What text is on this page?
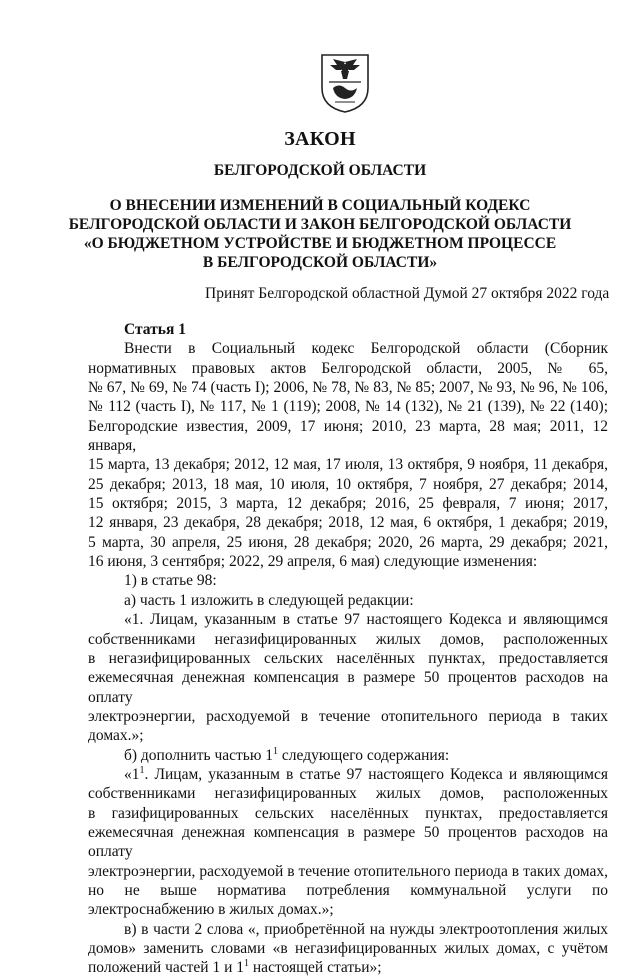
ЗАКОН
БЕЛГОРОДСКОЙ ОБЛАСТИ
О ВНЕСЕНИИ ИЗМЕНЕНИЙ В СОЦИАЛЬНЫЙ КОДЕКС
БЕЛГОРОДСКОЙ ОБЛАСТИ И ЗАКОН БЕЛГОРОДСКОЙ ОБЛАСТИ
«О БЮДЖЕТНОМ УСТРОЙСТВЕ И БЮДЖЕТНОМ ПРОЦЕССЕ
В БЕЛГОРОДСКОЙ ОБЛАСТИ»
Принят Белгородской областной Думой 27 октября 2022 года

Статья 1

Внести в Социальный кодекс Белгородской области (Сборник

нормативных правовых актов Белгородской области, 2005, № 65,

№ 67, № 69, № 74 (часть I); 2006, № 78, № 83, № 85; 2007, № 93, № 96, № 106,

№ 112 (часть I), № 117, № 1 (119); 2008, № 14 (132), № 21 (139), № 22 (140);

Белгородские известия, 2009, 17 июня; 2010, 23 марта, 28 мая; 2011, 12 января,

15 марта, 13 декабря; 2012, 12 мая, 17 июля, 13 октября, 9 ноября, 11 декабря,

25 декабря; 2013, 18 мая, 10 июля, 10 октября, 7 ноября, 27 декабря; 2014,

15 октября; 2015, 3 марта, 12 декабря; 2016, 25 февраля, 7 июня; 2017,

12 января, 23 декабря, 28 декабря; 2018, 12 мая, 6 октября, 1 декабря; 2019,

5 марта, 30 апреля, 25 июня, 28 декабря; 2020, 26 марта, 29 декабря; 2021,

16 июня, 3 сентября; 2022, 29 апреля, 6 мая) следующие изменения:

1) в статье 98:

а) часть 1 изложить в следующей редакции:

«1. Лицам, указанным в статье 97 настоящего Кодекса и являющимся

собственниками негазифицированных жилых домов, расположенных

в негазифицированных сельских населённых пунктах, предоставляется

ежемесячная денежная компенсация в размере 50 процентов расходов на оплату

электроэнергии, расходуемой в течение отопительного периода в таких

домах.»;

б) дополнить частью $1^1$ следующего содержания:

«$1^1$. Лицам, указанным в статье 97 настоящего Кодекса и являющимся

собственниками негазифицированных жилых домов, расположенных

в газифицированных сельских населённых пунктах, предоставляется

ежемесячная денежная компенсация в размере 50 процентов расходов на оплату

электроэнергии, расходуемой в течение отопительного периода в таких домах,

но не выше норматива потребления коммунальной услуги по

электроснабжению в жилых домах.»;

в) в части 2 слова «, приобретённой на нужды электроотопления жилых

домов» заменить словами «в негазифицированных жилых домах, с учётом

положений частей 1 и $1^1$ настоящей статьи»;
